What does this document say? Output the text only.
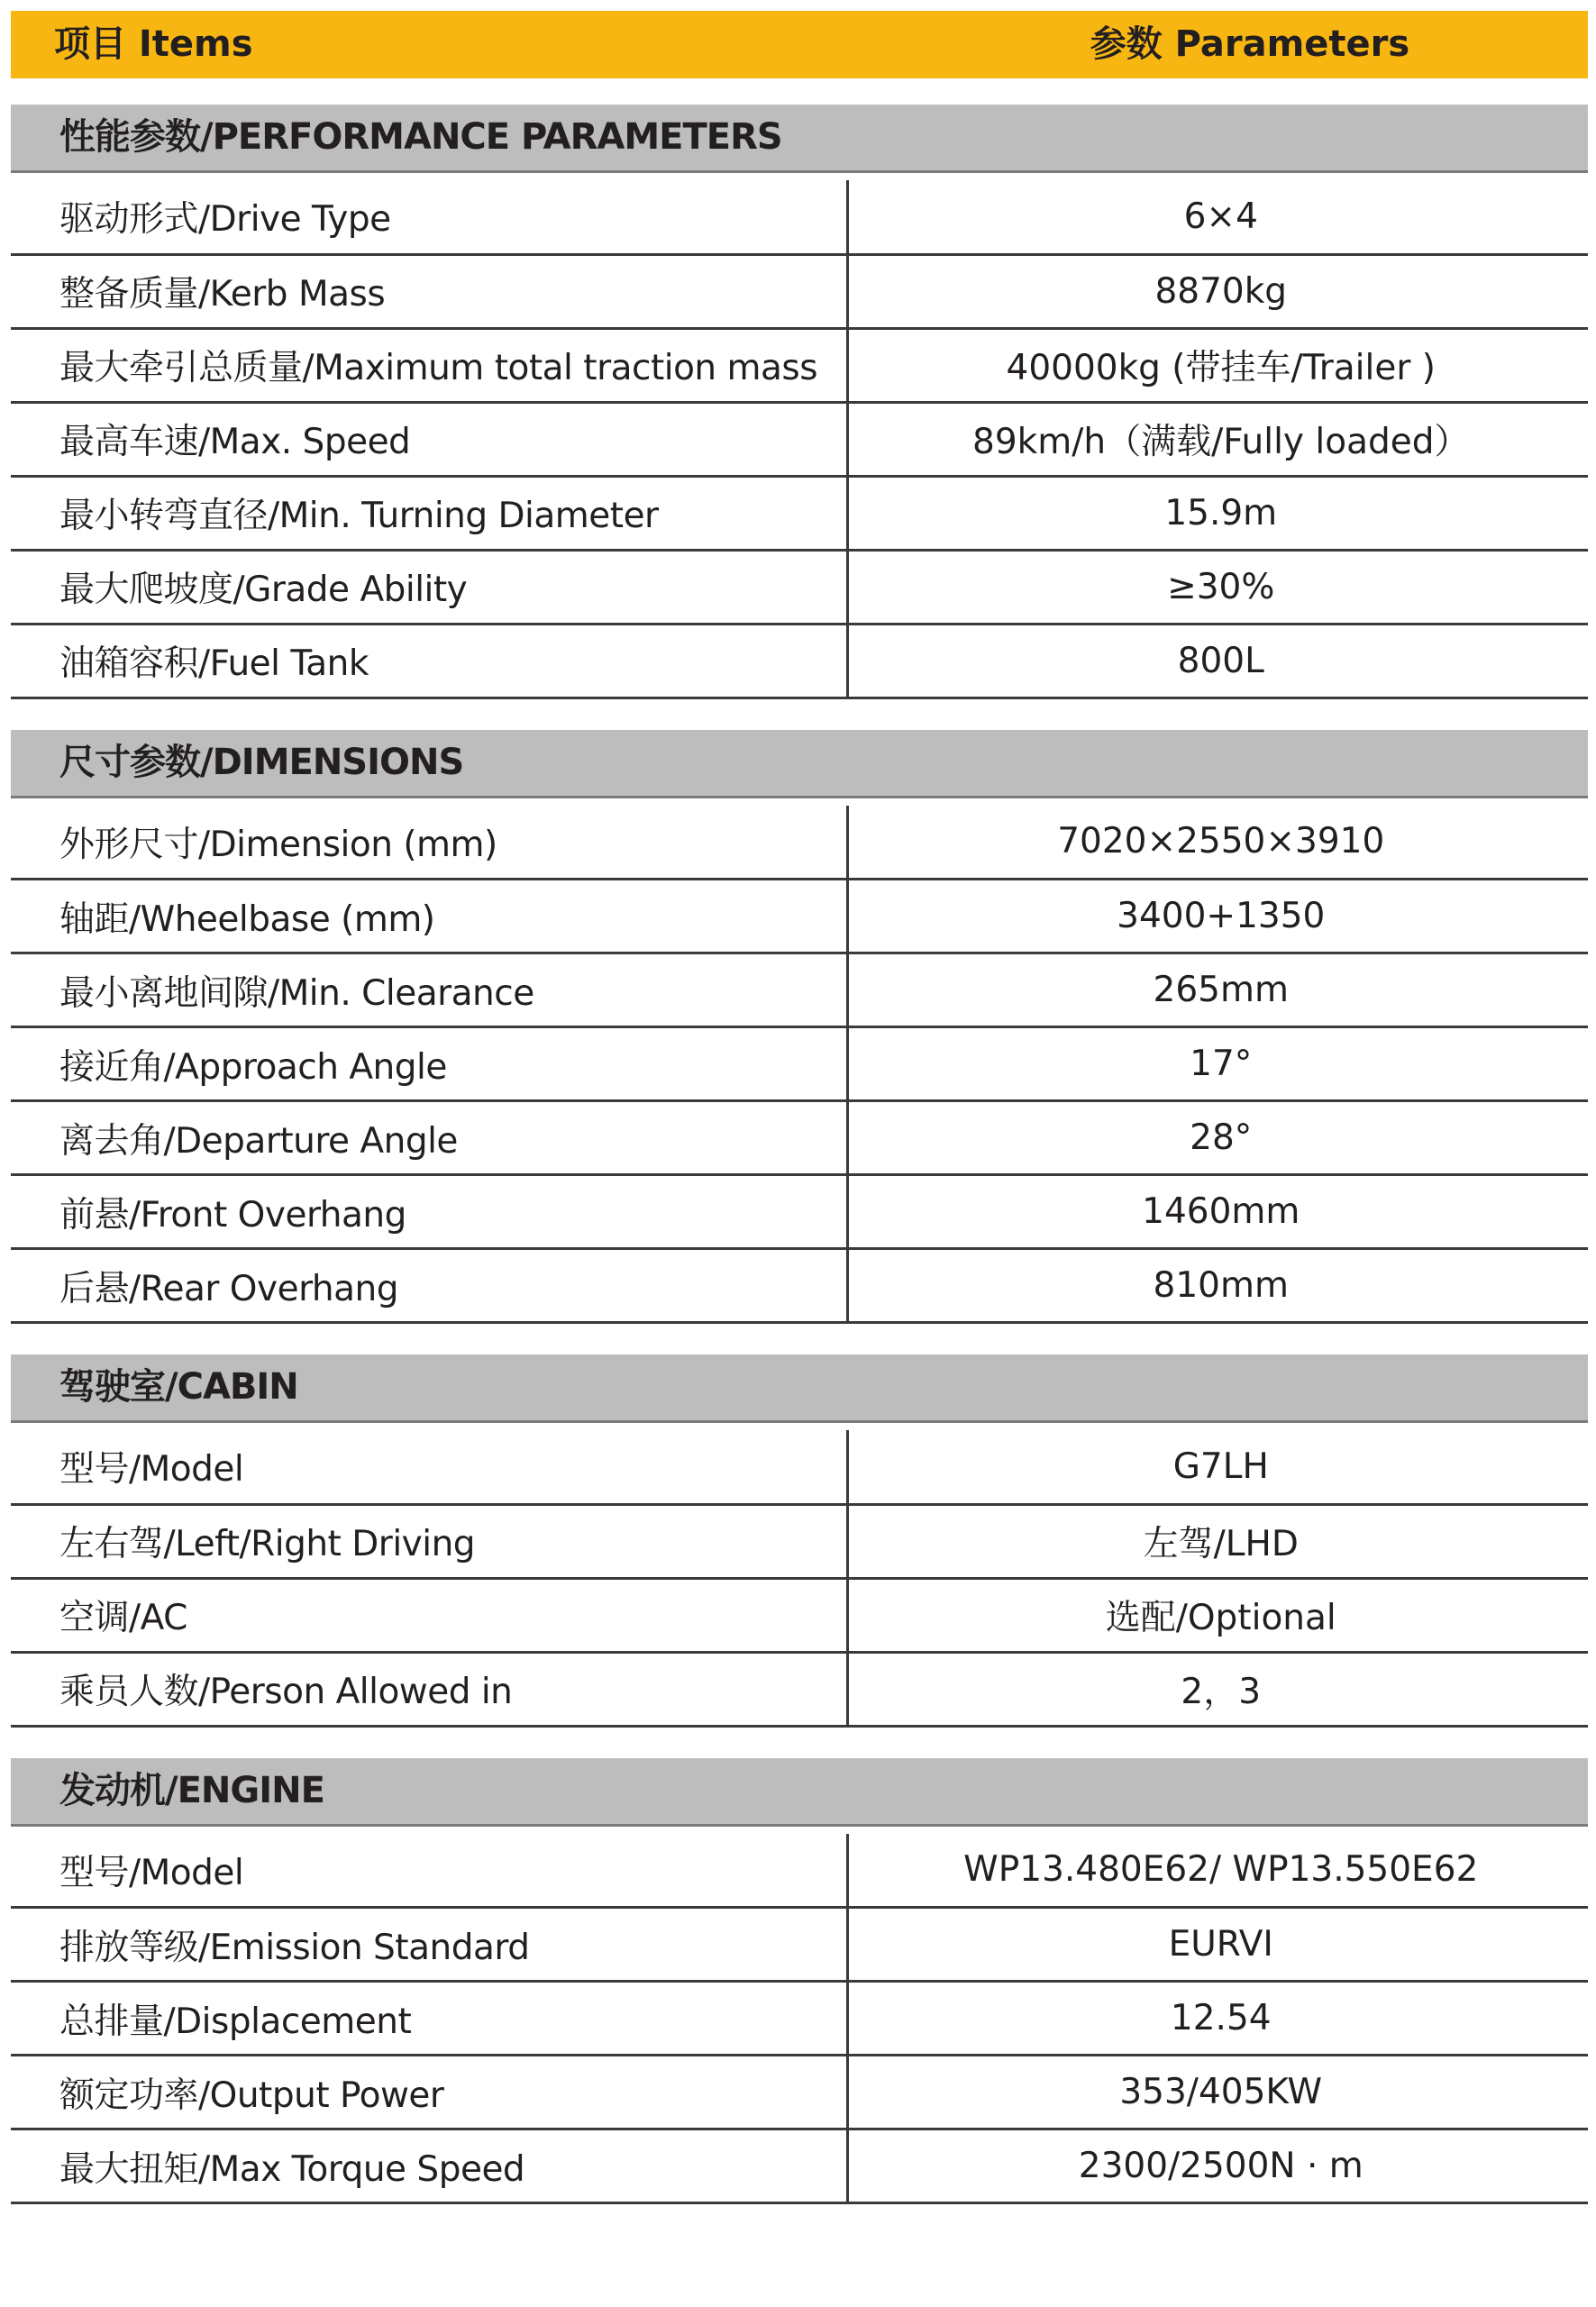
项目 Items	参数 Parameters
性能参数/PERFORMANCE PARAMETERS
驱动形式/Drive Type	6×4
整备质量/Kerb Mass	8870kg
最大牵引总质量/Maximum total traction mass	40000kg (带挂车/Trailer )
最高车速/Max. Speed	89km/h（满载/Fully loaded）
最小转弯直径/Min. Turning Diameter	15.9m
最大爬坡度/Grade Ability	≥30%
油箱容积/Fuel Tank	800L
尺寸参数/DIMENSIONS
外形尺寸/Dimension (mm)	7020×2550×3910
轴距/Wheelbase (mm)	3400+1350
最小离地间隙/Min. Clearance	265mm
接近角/Approach Angle	17°
离去角/Departure Angle	28°
前悬/Front Overhang	1460mm
后悬/Rear Overhang	810mm
驾驶室/CABIN
型号/Model	G7LH
左右驾/Left/Right Driving	左驾/LHD
空调/AC	选配/Optional
乘员人数/Person Allowed in	2，3
发动机/ENGINE
型号/Model	WP13.480E62/ WP13.550E62
排放等级/Emission Standard	EURVI
总排量/Displacement	12.54
额定功率/Output Power	353/405KW
最大扭矩/Max Torque Speed	2300/2500N · m
